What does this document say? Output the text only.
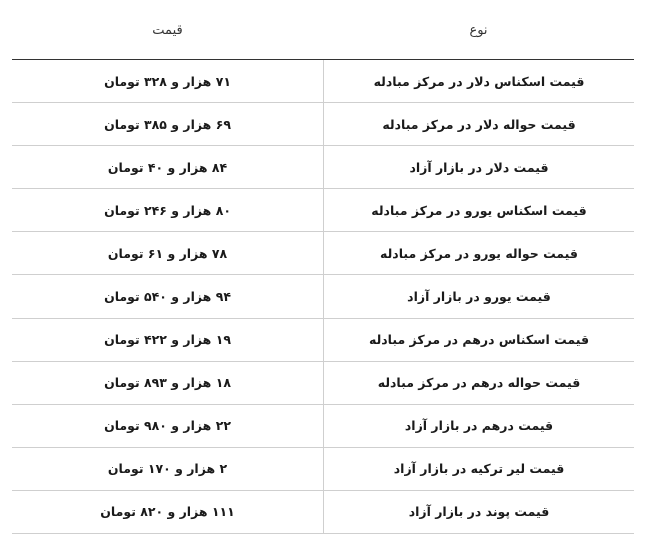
نوع
قیمت
قیمت اسکناس دلار در مرکز مبادله
۷۱ هزار و ۳۲۸ تومان
قیمت حواله دلار در مرکز مبادله
۶۹ هزار و ۳۸۵ تومان
قیمت دلار در بازار آزاد
۸۴ هزار و ۴۰ تومان
قیمت اسکناس یورو در مرکز مبادله
۸۰ هزار و ۲۴۶ تومان
قیمت حواله یورو در مرکز مبادله
۷۸ هزار و ۶۱ تومان
قیمت یورو در بازار آزاد
۹۴ هزار و ۵۴۰ تومان
قیمت اسکناس درهم در مرکز مبادله
۱۹ هزار و ۴۲۲ تومان
قیمت حواله درهم در مرکز مبادله
۱۸ هزار و ۸۹۳ تومان
قیمت درهم در بازار آزاد
۲۲ هزار و ۹۸۰ تومان
قیمت لیر ترکیه در بازار آزاد
۲ هزار و ۱۷۰ تومان
قیمت پوند در بازار آزاد
۱۱۱ هزار و ۸۲۰ تومان
